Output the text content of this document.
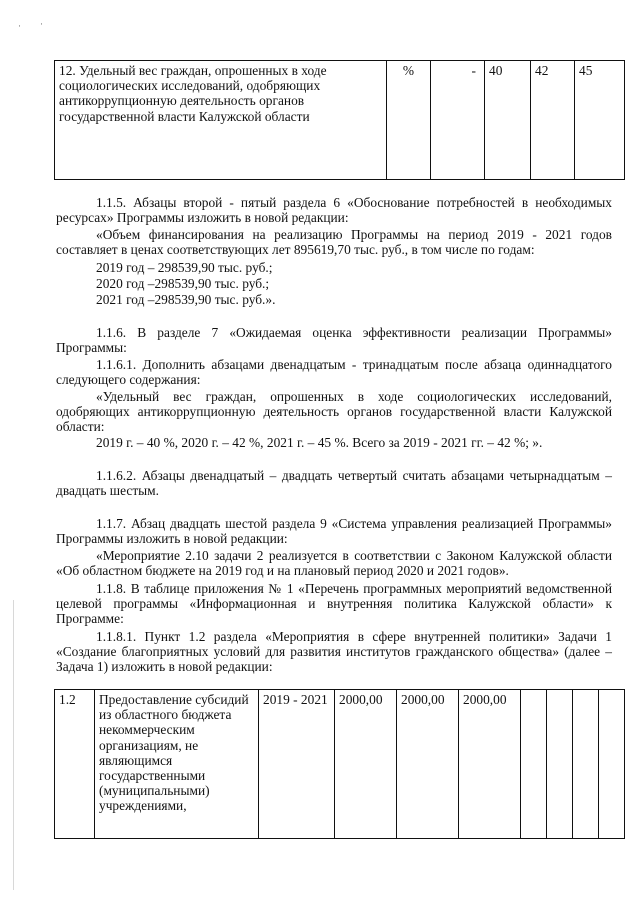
· ·
12. Удельный вес граждан, опрошенных в ходе социологических исследований, одобряющих антикоррупционную деятельность органов государственной власти Калужской области	%	-	40	42	45

1.1.5. Абзацы второй - пятый раздела 6 «Обоснование потребностей в необходимых ресурсах» Программы изложить в новой редакции:

«Объем финансирования на реализацию Программы на период 2019 - 2021 годов составляет в ценах соответствующих лет 895619,70 тыс. руб., в том числе по годам:

2019 год – 298539,90 тыс. руб.;

2020 год –298539,90 тыс. руб.;

2021 год –298539,90 тыс. руб.».

1.1.6. В разделе 7 «Ожидаемая оценка эффективности реализации Программы» Программы:

1.1.6.1. Дополнить абзацами двенадцатым - тринадцатым после абзаца одиннадцатого следующего содержания:

«Удельный вес граждан, опрошенных в ходе социологических исследований, одобряющих антикоррупционную деятельность органов государственной власти Калужской области:

2019 г. – 40 %, 2020 г. – 42 %, 2021 г. – 45 %. Всего за 2019 - 2021 гг. – 42 %; ».

1.1.6.2. Абзацы двенадцатый – двадцать четвертый считать абзацами четырнадцатым – двадцать шестым.

1.1.7. Абзац двадцать шестой раздела 9 «Система управления реализацией Программы» Программы изложить в новой редакции:

«Мероприятие 2.10 задачи 2 реализуется в соответствии с Законом Калужской области «Об областном бюджете на 2019 год и на плановый период 2020 и 2021 годов».

1.1.8. В таблице приложения № 1 «Перечень программных мероприятий ведомственной целевой программы «Информационная и внутренняя политика Калужской области» к Программе:

1.1.8.1. Пункт 1.2 раздела «Мероприятия в сфере внутренней политики» Задачи 1 «Создание благоприятных условий для развития институтов гражданского общества» (далее – Задача 1) изложить в новой редакции:

1.2	Предоставление субсидий из областного бюджета некоммерческим организациям, не являющимся государственными (муниципальными) учреждениями,	2019 - 2021	2000,00	2000,00	2000,00				
